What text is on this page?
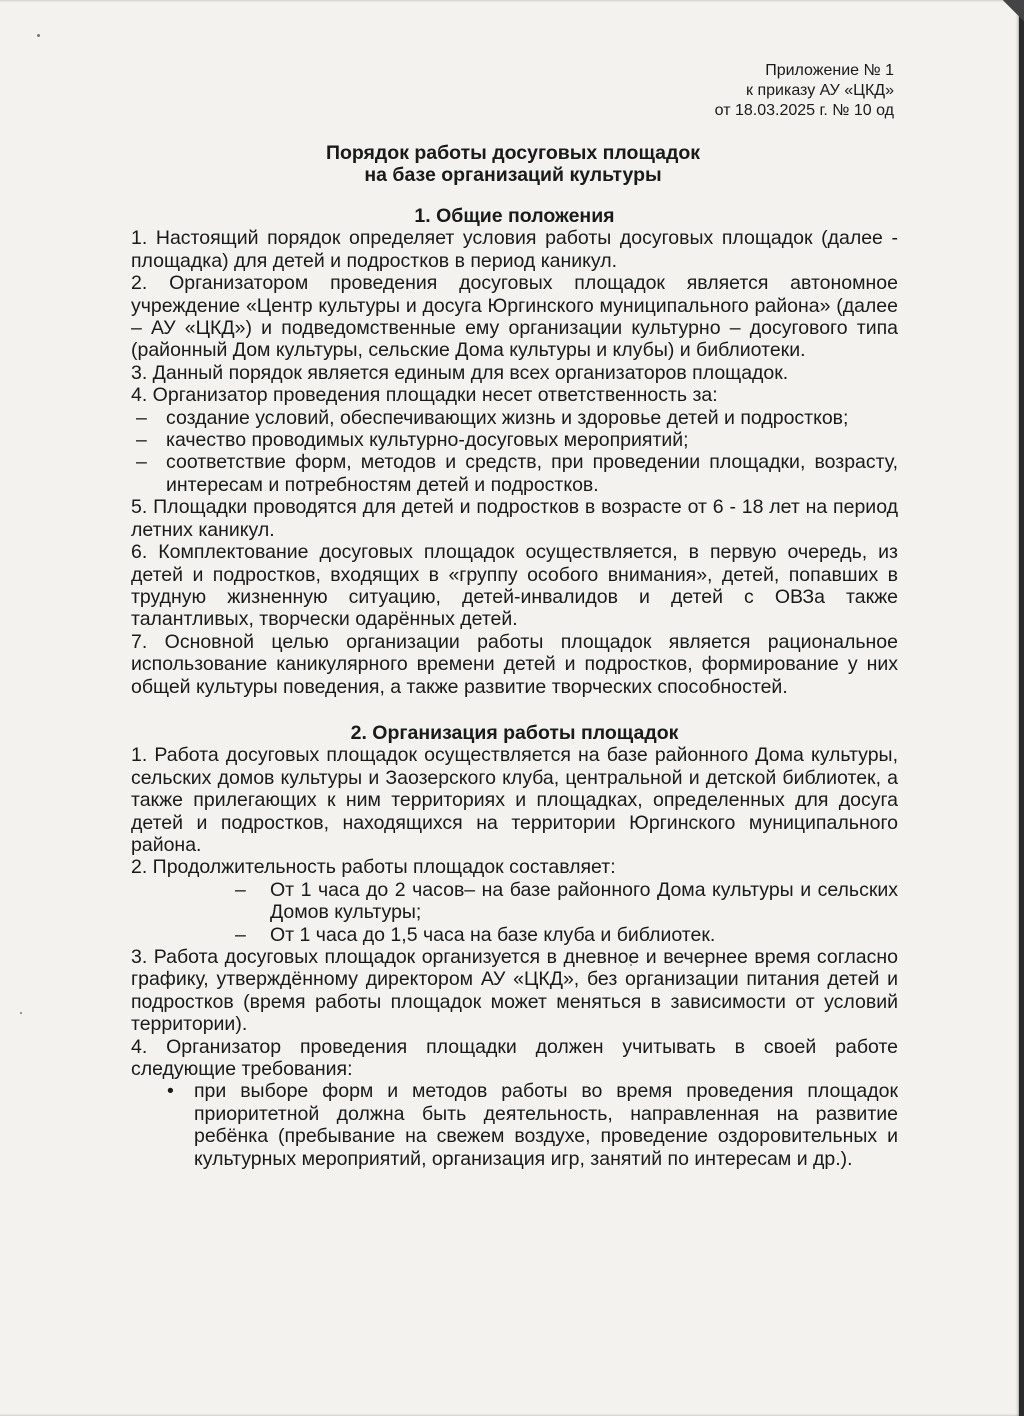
Приложение № 1
к приказу АУ «ЦКД»
от 18.03.2025 г. № 10 од
Порядок работы досуговых площадок
на базе организаций культуры
1. Общие положения

1. Настоящий порядок определяет условия работы досуговых площадок (далее - площадка) для детей и подростков в период каникул.

2. Организатором проведения досуговых площадок является автономное учреждение «Центр культуры и досуга Юргинского муниципального района» (далее – АУ «ЦКД») и подведомственные ему организации культурно – досугового типа (районный Дом культуры, сельские Дома культуры и клубы) и библиотеки.

3. Данный порядок является единым для всех организаторов площадок.

4. Организатор проведения площадки несет ответственность за:

– создание условий, обеспечивающих жизнь и здоровье детей и подростков;
– качество проводимых культурно-досуговых мероприятий;
– соответствие форм, методов и средств, при проведении площадки, возрасту, интересам и потребностям детей и подростков.

5. Площадки проводятся для детей и подростков в возрасте от 6 - 18 лет на период летних каникул.

6. Комплектование досуговых площадок осуществляется, в первую очередь, из детей и подростков, входящих в «группу особого внимания», детей, попавших в трудную жизненную ситуацию, детей-инвалидов и детей с ОВЗа также талантливых, творчески одарённых детей.

7. Основной целью организации работы площадок является рациональное использование каникулярного времени детей и подростков, формирование у них общей культуры поведения, а также развитие творческих способностей.

2. Организация работы площадок

1. Работа досуговых площадок осуществляется на базе районного Дома культуры, сельских домов культуры и Заозерского клуба, центральной и детской библиотек, а также прилегающих к ним территориях и площадках, определенных для досуга детей и подростков, находящихся на территории Юргинского муниципального района.

2. Продолжительность работы площадок составляет:

– От 1 часа до 2 часов– на базе районного Дома культуры и сельских Домов культуры;
– От 1 часа до 1,5 часа на базе клуба и библиотек.

3. Работа досуговых площадок организуется в дневное и вечернее время согласно графику, утверждённому директором АУ «ЦКД», без организации питания детей и подростков (время работы площадок может меняться в зависимости от условий территории).

4. Организатор проведения площадки должен учитывать в своей работе следующие требования:

• при выборе форм и методов работы во время проведения площадок приоритетной должна быть деятельность, направленная на развитие ребёнка (пребывание на свежем воздухе, проведение оздоровительных и культурных мероприятий, организация игр, занятий по интересам и др.).
